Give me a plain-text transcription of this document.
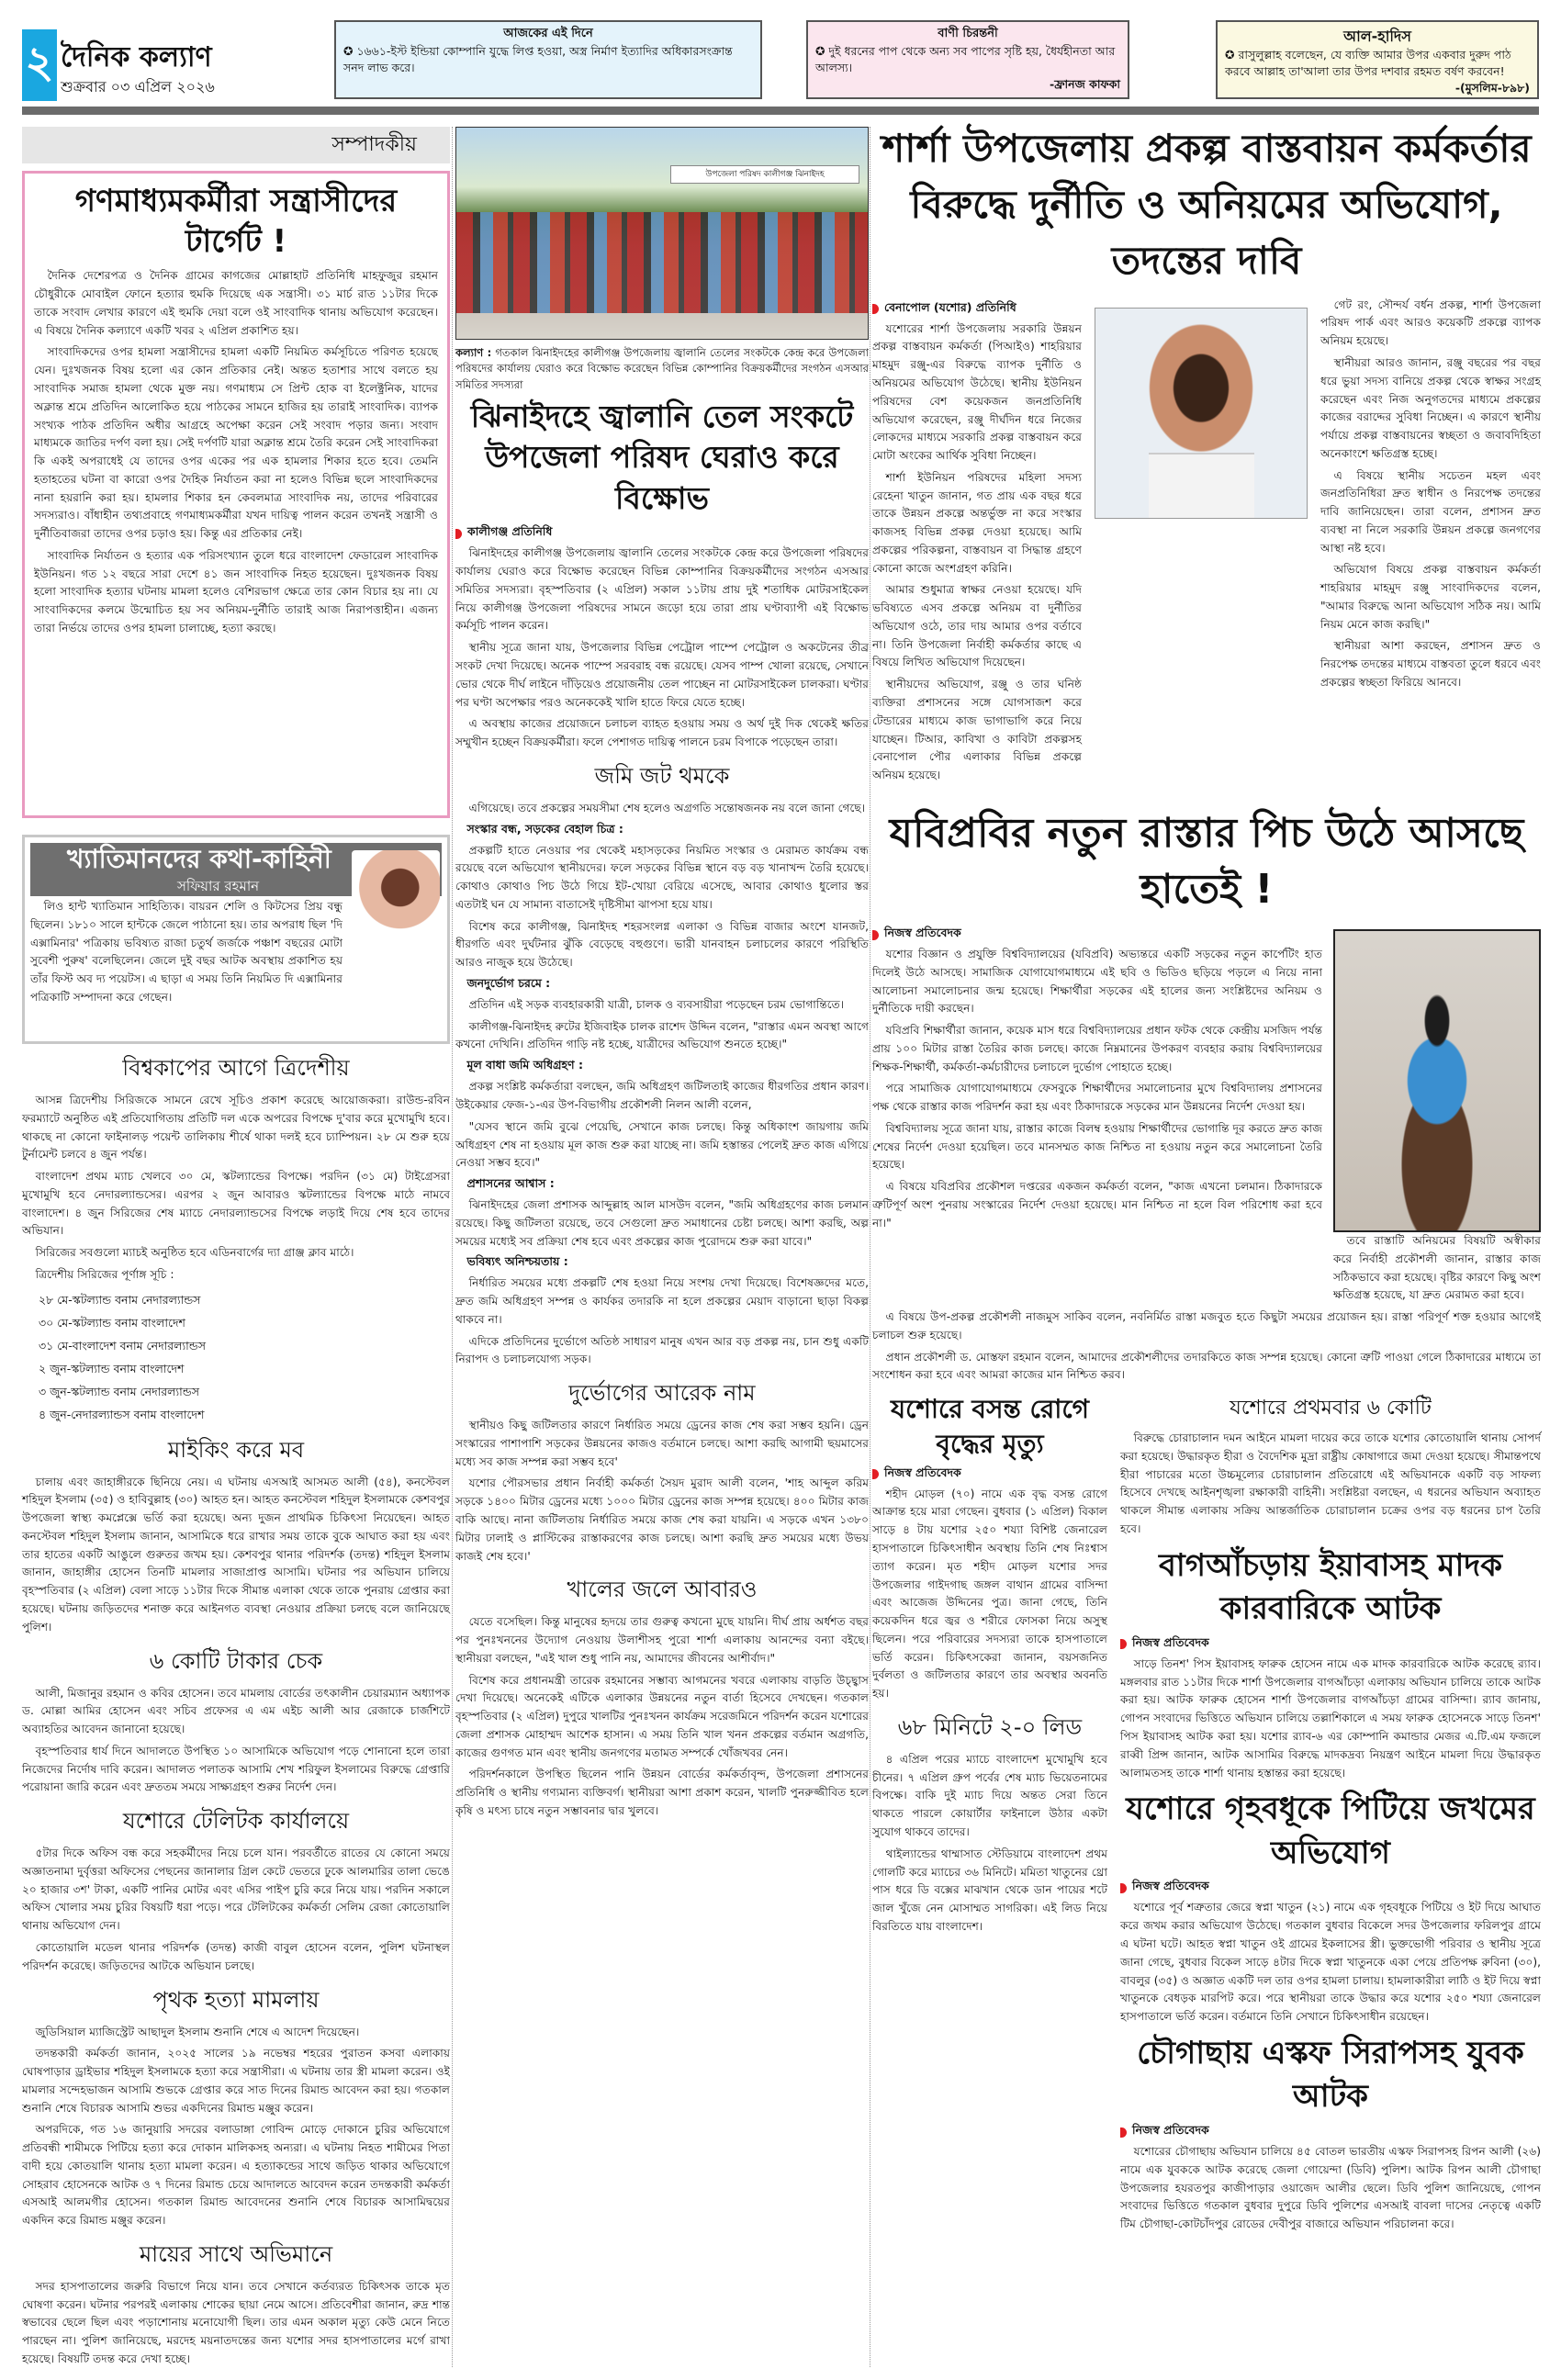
২ দৈনিক কল্যাণ
শুক্রবার ০৩ এপ্রিল ২০২৬
আজকের এই দিনে
✪ ১৬৬১-ইস্ট ইন্ডিয়া কোম্পানি যুদ্ধে লিপ্ত হওয়া, অস্ত্র নির্মাণ ইত্যাদির অধিকারসংক্রান্ত সনদ লাভ করে।
বাণী চিরন্তনী
✪ দুই ধরনের পাপ থেকে অন্য সব পাপের সৃষ্টি হয়, ধৈর্যহীনতা আর আলস্য।
-ফ্রানজ কাফকা
আল-হাদিস
✪ রাসুলুল্লাহ বলেছেন, যে ব্যক্তি আমার উপর একবার দুরুদ পাঠ করবে আল্লাহ তা'আলা তার উপর দশবার রহমত বর্ষণ করবেন!
-(মুসলিম-৮৯৮)
সম্পাদকীয়
গণমাধ্যমকর্মীরা সন্ত্রাসীদের টার্গেট !

দৈনিক দেশেরপত্র ও দৈনিক গ্রামের কাগজের মোল্লাহাট প্রতিনিধি মাহফুজুর রহমান চৌধুরীকে মোবাইল ফোনে হত্যার হুমকি দিয়েছে এক সন্ত্রাসী। ৩১ মার্চ রাত ১১টার দিকে তাকে সংবাদ লেখার কারণে এই হুমকি দেয়া বলে ওই সাংবাদিক থানায় অভিযোগ করেছেন। এ বিষয়ে দৈনিক কল্যাণে একটি খবর ২ এপ্রিল প্রকাশিত হয়।

সাংবাদিকদের ওপর হামলা সন্ত্রাসীদের হামলা একটি নিয়মিত কর্মসূচিতে পরিণত হয়েছে যেন। দুঃখজনক বিষয় হলো এর কোন প্রতিকার নেই। অন্তত হতাশার সাথে বলতে হয় সাংবাদিক সমাজ হামলা থেকে মুক্ত নয়। গণমাধ্যম সে প্রিন্ট হোক বা ইলেক্ট্রনিক, যাদের অক্লান্ত শ্রমে প্রতিদিন আলোকিত হয়ে পাঠকের সামনে হাজির হয় তারাই সাংবাদিক। ব্যাপক সংখ্যক পাঠক প্রতিদিন অধীর আগ্রহে অপেক্ষা করেন সেই সংবাদ পড়ার জন্য। সংবাদ মাধ্যমকে জাতির দর্পণ বলা হয়। সেই দর্পণটি যারা অক্লান্ত শ্রমে তৈরি করেন সেই সাংবাদিকরা কি একই অপরাধেই যে তাদের ওপর একের পর এক হামলার শিকার হতে হবে। তেমনি হতাহতের ঘটনা বা কারো ওপর দৈহিক নির্যাতন করা না হলেও বিভিন্ন ছলে সাংবাদিকদের নানা হয়রানি করা হয়। হামলার শিকার হন কেবলমাত্র সাংবাদিক নয়, তাদের পরিবারের সদস্যরাও। বাঁধাহীন তথ্যপ্রবাহে গণমাধ্যমকর্মীরা যখন দায়িত্ব পালন করেন তখনই সন্ত্রাসী ও দুর্নীতিবাজরা তাদের ওপর চড়াও হয়। কিন্তু এর প্রতিকার নেই।

সাংবাদিক নির্যাতন ও হত্যার এক পরিসংখ্যান তুলে ধরে বাংলাদেশ ফেডারেল সাংবাদিক ইউনিয়ন। গত ১২ বছরে সারা দেশে ৪১ জন সাংবাদিক নিহত হয়েছেন। দুঃখজনক বিষয় হলো সাংবাদিক হত্যার ঘটনায় মামলা হলেও বেশিরভাগ ক্ষেত্রে তার কোন বিচার হয় না। যে সাংবাদিকদের কলমে উন্মোচিত হয় সব অনিয়ম-দুর্নীতি তারাই আজ নিরাপত্তাহীন। এজন্য তারা নির্ভয়ে তাদের ওপর হামলা চালাচ্ছে, হত্যা করছে।

খ্যাতিমানদের কথা-কাহিনী
সফিয়ার রহমান

লিও হান্ট খ্যাতিমান সাহিত্যিক। বায়রন শেলি ও কিটসের প্রিয় বন্ধু ছিলেন। ১৮১০ সালে হান্টকে জেলে পাঠানো হয়। তার অপরাধ ছিল 'দি এক্সামিনার' পত্রিকায় ভবিষ্যত রাজা চতুর্থ জর্জকে পঞ্চাশ বছরের মোটা সুবেশী পুরুষ' বলেছিলেন। জেলে দুই বছর আটক অবস্থায় প্রকাশিত হয় তাঁর ফিস্ট অব দ্য পয়েটস। এ ছাড়া এ সময় তিনি নিয়মিত দি এক্সামিনার পত্রিকাটি সম্পাদনা করে গেছেন।

বিশ্বকাপের আগে ত্রিদেশীয়

আসন্ন ত্রিদেশীয় সিরিজকে সামনে রেখে সূচিও প্রকাশ করেছে আয়োজকরা। রাউন্ড-রবিন ফরম্যাটে অনুষ্ঠিত এই প্রতিযোগিতায় প্রতিটি দল একে অপরের বিপক্ষে দু'বার করে মুখোমুখি হবে। থাকছে না কোনো ফাইনালড় পয়েন্ট তালিকায় শীর্ষে থাকা দলই হবে চ্যাম্পিয়ন। ২৮ মে শুরু হয়ে টুর্নামেন্ট চলবে ৪ জুন পর্যন্ত।

বাংলাদেশ প্রথম ম্যাচ খেলবে ৩০ মে, স্কটল্যান্ডের বিপক্ষে। পরদিন (৩১ মে) টাইগ্রেসরা মুখোমুখি হবে নেদারল্যান্ডসের। এরপর ২ জুন আবারও স্কটল্যান্ডের বিপক্ষে মাঠে নামবে বাংলাদেশ। ৪ জুন সিরিজের শেষ ম্যাচে নেদারল্যান্ডসের বিপক্ষে লড়াই দিয়ে শেষ হবে তাদের অভিযান।

সিরিজের সবগুলো ম্যাচই অনুষ্ঠিত হবে এডিনবার্গের দ্যা গ্রাঞ্জ ক্লাব মাঠে।

ত্রিদেশীয় সিরিজের পূর্ণাঙ্গ সূচি :

২৮ মে-স্কটল্যান্ড বনাম নেদারল্যান্ডস
৩০ মে-স্কটল্যান্ড বনাম বাংলাদেশ
৩১ মে-বাংলাদেশ বনাম নেদারল্যান্ডস
২ জুন-স্কটল্যান্ড বনাম বাংলাদেশ
৩ জুন-স্কটল্যান্ড বনাম নেদারল্যান্ডস
৪ জুন-নেদারল্যান্ডস বনাম বাংলাদেশ
মাইকিং করে মব

চালায় এবং জাহাঙ্গীরকে ছিনিয়ে নেয়। এ ঘটনায় এসআই আসমত আলী (৫৪), কনস্টেবল শহিদুল ইসলাম (৩৫) ও হাবিবুল্লাহ (৩০) আহত হন। আহত কনস্টেবল শহিদুল ইসলামকে কেশবপুর উপজেলা স্বাস্থ্য কমপ্লেক্সে ভর্তি করা হয়েছে। অন্য দুজন প্রাথমিক চিকিৎসা নিয়েছেন। আহত কনস্টেবল শহিদুল ইসলাম জানান, আসামিকে ধরে রাখার সময় তাকে বুকে আঘাত করা হয় এবং তার হাতের একটি আঙুলে গুরুতর জখম হয়। কেশবপুর থানার পরিদর্শক (তদন্ত) শহিদুল ইসলাম জানান, জাহাঙ্গীর হোসেন তিনটি মামলার সাজাপ্রাপ্ত আসামি। ঘটনার পর অভিযান চালিয়ে বৃহস্পতিবার (২ এপ্রিল) বেলা সাড়ে ১১টার দিকে সীমান্ত এলাকা থেকে তাকে পুনরায় গ্রেপ্তার করা হয়েছে। ঘটনায় জড়িতদের শনাক্ত করে আইনগত ব্যবস্থা নেওয়ার প্রক্রিয়া চলছে বলে জানিয়েছে পুলিশ।

৬ কোটি টাকার চেক

আলী, মিজানুর রহমান ও কবির হোসেন। তবে মামলায় বোর্ডের তৎকালীন চেয়ারম্যান অধ্যাপক ড. মোল্লা আমির হোসেন এবং সচিব প্রফেসর এ এম এইচ আলী আর রেজাকে চার্জশিটে অব্যাহতির আবেদন জানানো হয়েছে।

বৃহস্পতিবার ধার্য দিনে আদালতে উপস্থিত ১০ আসামিকে অভিযোগ পড়ে শোনানো হলে তারা নিজেদের নির্দোষ দাবি করেন। আদালত পলাতক আসামি শেখ শরিফুল ইসলামের বিরুদ্ধে গ্রেপ্তারি পরোয়ানা জারি করেন এবং দ্রুততম সময়ে সাক্ষ্যগ্রহণ শুরুর নির্দেশ দেন।

যশোরে টেলিটক কার্যালয়ে

৫টার দিকে অফিস বন্ধ করে সহকর্মীদের নিয়ে চলে যান। পরবর্তীতে রাতের যে কোনো সময়ে অজ্ঞাতনামা দুর্বৃত্তরা অফিসের পেছনের জানালার গ্রিল কেটে ভেতরে ঢুকে আলমারির তালা ভেঙে ২০ হাজার ৩শ' টাকা, একটি পানির মোটর এবং এসির পাইপ চুরি করে নিয়ে যায়। পরদিন সকালে অফিস খোলার সময় চুরির বিষয়টি ধরা পড়ে। পরে টেলিটকের কর্মকর্তা সেলিম রেজা কোতোয়ালি থানায় অভিযোগ দেন।

কোতোয়ালি মডেল থানার পরিদর্শক (তদন্ত) কাজী বাবুল হোসেন বলেন, পুলিশ ঘটনাস্থল পরিদর্শন করেছে। জড়িতদের আটকে অভিযান চলছে।

পৃথক হত্যা মামলায়

জুডিসিয়াল ম্যাজিস্ট্রেট আছাদুল ইসলাম শুনানি শেষে এ আদেশ দিয়েছেন।

তদন্তকারী কর্মকর্তা জানান, ২০২৫ সালের ১৯ নভেম্বর শহরের পুরাতন কসবা এলাকায় ঘোষপাড়ার ড্রাইভার শহিদুল ইসলামকে হত্যা করে সন্ত্রাসীরা। এ ঘটনায় তার স্ত্রী মামলা করেন। ওই মামলার সন্দেহভাজন আসামি শুভকে গ্রেপ্তার করে সাত দিনের রিমান্ড আবেদন করা হয়। গতকাল শুনানি শেষে বিচারক আসামি শুভর একদিনের রিমান্ড মঞ্জুর করেন।

অপরদিকে, গত ১৬ জানুয়ারি সদরের বলাডাঙ্গা গোবিন্দ মোড়ে দোকানে চুরির অভিযোগে প্রতিবন্ধী শামীমকে পিটিয়ে হত্যা করে দোকান মালিকসহ অন্যরা। এ ঘটনায় নিহত শামীমের পিতা বাদী হয়ে কোতয়ালি থানায় হত্যা মামলা করেন। এ হত্যাকন্ডের সাথে জড়িত থাকার অভিযোগে সোহরাব হোসেনকে আটক ও ৭ দিনের রিমান্ড চেয়ে আদালতে আবেদন করেন তদন্তকারী কর্মকর্তা এসআই আলমগীর হোসেন। গতকাল রিমান্ড আবেদনের শুনানি শেষে বিচারক আসামিদ্বয়ের একদিন করে রিমান্ড মঞ্জুর করেন।

মায়ের সাথে অভিমানে

সদর হাসপাতালের জরুরি বিভাগে নিয়ে যান। তবে সেখানে কর্তব্যরত চিকিৎসক তাকে মৃত ঘোষণা করেন। ঘটনার পরপরই এলাকায় শোকের ছায়া নেমে আসে। প্রতিবেশীরা জানান, রুদ্র শান্ত স্বভাবের ছেলে ছিল এবং পড়াশোনায় মনোযোগী ছিল। তার এমন অকাল মৃত্যু কেউ মেনে নিতে পারছেন না। পুলিশ জানিয়েছে, মরদেহ ময়নাতদন্তের জন্য যশোর সদর হাসপাতালের মর্গে রাখা হয়েছে। বিষয়টি তদন্ত করে দেখা হচ্ছে।

উপজেলা পরিষদ কালীগঞ্জ ঝিনাইদহ
কল্যাণ : গতকাল ঝিনাইদহের কালীগঞ্জ উপজেলায় জ্বালানি তেলের সংকটকে কেন্দ্র করে উপজেলা পরিষদের কার্যালয় ঘেরাও করে বিক্ষোভ করেছেন বিভিন্ন কোম্পানির বিক্রয়কর্মীদের সংগঠন এসআর সমিতির সদস্যরা
ঝিনাইদহে জ্বালানি তেল সংকটে উপজেলা পরিষদ ঘেরাও করে বিক্ষোভ
কালীগঞ্জ প্রতিনিধি

ঝিনাইদহের কালীগঞ্জ উপজেলায় জ্বালানি তেলের সংকটকে কেন্দ্র করে উপজেলা পরিষদের কার্যালয় ঘেরাও করে বিক্ষোভ করেছেন বিভিন্ন কোম্পানির বিক্রয়কর্মীদের সংগঠন এসআর সমিতির সদস্যরা। বৃহস্পতিবার (২ এপ্রিল) সকাল ১১টায় প্রায় দুই শতাধিক মোটরসাইকেল নিয়ে কালীগঞ্জ উপজেলা পরিষদের সামনে জড়ো হয়ে তারা প্রায় ঘণ্টাব্যাপী এই বিক্ষোভ কর্মসূচি পালন করেন।

স্থানীয় সূত্রে জানা যায়, উপজেলার বিভিন্ন পেট্রোল পাম্পে পেট্রোল ও অকটেনের তীব্র সংকট দেখা দিয়েছে। অনেক পাম্পে সরবরাহ বন্ধ রয়েছে। যেসব পাম্প খোলা রয়েছে, সেখানে ভোর থেকে দীর্ঘ লাইনে দাঁড়িয়েও প্রয়োজনীয় তেল পাচ্ছেন না মোটরসাইকেল চালকরা। ঘণ্টার পর ঘণ্টা অপেক্ষার পরও অনেককেই খালি হাতে ফিরে যেতে হচ্ছে।

এ অবস্থায় কাজের প্রয়োজনে চলাচল ব্যাহত হওয়ায় সময় ও অর্থ দুই দিক থেকেই ক্ষতির সম্মুখীন হচ্ছেন বিক্রয়কর্মীরা। ফলে পেশাগত দায়িত্ব পালনে চরম বিপাকে পড়েছেন তারা।

জমি জট থমকে

এগিয়েছে। তবে প্রকল্পের সময়সীমা শেষ হলেও অগ্রগতি সন্তোষজনক নয় বলে জানা গেছে।

সংস্কার বন্ধ, সড়কের বেহাল চিত্র :

প্রকল্পটি হাতে নেওয়ার পর থেকেই মহাসড়কের নিয়মিত সংস্কার ও মেরামত কার্যক্রম বন্ধ রয়েছে বলে অভিযোগ স্থানীয়দের। ফলে সড়কের বিভিন্ন স্থানে বড় বড় খানাখন্দ তৈরি হয়েছে। কোথাও কোথাও পিচ উঠে গিয়ে ইট-খোয়া বেরিয়ে এসেছে, আবার কোথাও ধুলোর স্তর এতটাই ঘন যে সামান্য বাতাসেই দৃষ্টিসীমা ঝাপসা হয়ে যায়।

বিশেষ করে কালীগঞ্জ, ঝিনাইদহ শহরসংলগ্ন এলাকা ও বিভিন্ন বাজার অংশে যানজট, ধীরগতি এবং দুর্ঘটনার ঝুঁকি বেড়েছে বহুগুণে। ভারী যানবাহন চলাচলের কারণে পরিস্থিতি আরও নাজুক হয়ে উঠেছে।

জনদুর্ভোগ চরমে :

প্রতিদিন এই সড়ক ব্যবহারকারী যাত্রী, চালক ও ব্যবসায়ীরা পড়েছেন চরম ভোগান্তিতে।

কালীগঞ্জ-ঝিনাইদহ রুটের ইজিবাইক চালক রাশেদ উদ্দিন বলেন, "রাস্তার এমন অবস্থা আগে কখনো দেখিনি। প্রতিদিন গাড়ি নষ্ট হচ্ছে, যাত্রীদের অভিযোগ শুনতে হচ্ছে।"

মূল বাধা জমি অধিগ্রহণ :

প্রকল্প সংশ্লিষ্ট কর্মকর্তারা বলছেন, জমি অধিগ্রহণ জটিলতাই কাজের ধীরগতির প্রধান কারণ। উইকেয়ার ফেজ-১-এর উপ-বিভাগীয় প্রকৌশলী নিলন আলী বলেন,

"যেসব স্থানে জমি বুঝে পেয়েছি, সেখানে কাজ চলছে। কিন্তু অধিকাংশ জায়গায় জমি অধিগ্রহণ শেষ না হওয়ায় মূল কাজ শুরু করা যাচ্ছে না। জমি হস্তান্তর পেলেই দ্রুত কাজ এগিয়ে নেওয়া সম্ভব হবে।"

প্রশাসনের আশ্বাস :

ঝিনাইদহের জেলা প্রশাসক আব্দুল্লাহ আল মাসউদ বলেন, "জমি অধিগ্রহণের কাজ চলমান রয়েছে। কিছু জটিলতা রয়েছে, তবে সেগুলো দ্রুত সমাধানের চেষ্টা চলছে। আশা করছি, অল্প সময়ের মধ্যেই সব প্রক্রিয়া শেষ হবে এবং প্রকল্পের কাজ পুরোদমে শুরু করা যাবে।"

ভবিষ্যৎ অনিশ্চয়তায় :

নির্ধারিত সময়ের মধ্যে প্রকল্পটি শেষ হওয়া নিয়ে সংশয় দেখা দিয়েছে। বিশেষজ্ঞদের মতে, দ্রুত জমি অধিগ্রহণ সম্পন্ন ও কার্যকর তদারকি না হলে প্রকল্পের মেয়াদ বাড়ানো ছাড়া বিকল্প থাকবে না।

এদিকে প্রতিদিনের দুর্ভোগে অতিষ্ঠ সাধারণ মানুষ এখন আর বড় প্রকল্প নয়, চান শুধু একটি নিরাপদ ও চলাচলযোগ্য সড়ক।

দুর্ভোগের আরেক নাম

স্থানীয়ও কিছু জটিলতার কারণে নির্ধারিত সময়ে ড্রেনের কাজ শেষ করা সম্ভব হয়নি। ড্রেন সংস্কারের পাশাপাশি সড়কের উন্নয়নের কাজও বর্তমানে চলছে। আশা করছি আগামী ছয়মাসের মধ্যে সব কাজ সম্পন্ন করা সম্ভব হবে'

যশোর পৌরসভার প্রধান নির্বাহী কর্মকর্তা সৈয়দ মুরাদ আলী বলেন, 'শাহ আব্দুল করিম সড়কে ১৪০০ মিটার ড্রেনের মধ্যে ১০০০ মিটার ড্রেনের কাজ সম্পন্ন হয়েছে। ৪০০ মিটার কাজ বাকি আছে। নানা জটিলতায় নির্ধারিত সময়ে কাজ শেষ করা যায়নি। এ সড়কে এখন ১৩৮০ মিটার ঢালাই ও প্লাস্টিকের রাস্তাকরণের কাজ চলছে। আশা করছি দ্রুত সময়ের মধ্যে উভয় কাজই শেষ হবে।'

খালের জলে আবারও

যেতে বসেছিল। কিন্তু মানুষের হৃদয়ে তার গুরুত্ব কখনো মুছে যায়নি। দীর্ঘ প্রায় অর্ধশত বছর পর পুনঃখননের উদ্যোগ নেওয়ায় উলাশীসহ পুরো শার্শা এলাকায় আনন্দের বন্যা বইছে। স্থানীয়রা বলছেন, "এই খাল শুধু পানি নয়, আমাদের জীবনের আশীর্বাদ।"

বিশেষ করে প্রধানমন্ত্রী তারেক রহমানের সম্ভাব্য আগমনের খবরে এলাকায় বাড়তি উচ্ছ্বাস দেখা দিয়েছে। অনেকেই এটিকে এলাকার উন্নয়নের নতুন বার্তা হিসেবে দেখছেন। গতকাল বৃহস্পতিবার (২ এপ্রিল) দুপুরে খালটির পুনঃখনন কার্যক্রম সরেজমিনে পরিদর্শন করেন যশোরের জেলা প্রশাসক মোহাম্মদ আশেক হাসান। এ সময় তিনি খাল খনন প্রকল্পের বর্তমান অগ্রগতি, কাজের গুণগত মান এবং স্থানীয় জনগণের মতামত সম্পর্কে খোঁজখবর নেন।

পরিদর্শনকালে উপস্থিত ছিলেন পানি উন্নয়ন বোর্ডের কর্মকর্তাবৃন্দ, উপজেলা প্রশাসনের প্রতিনিধি ও স্থানীয় গণ্যমান্য ব্যক্তিবর্গ। স্থানীয়রা আশা প্রকাশ করেন, খালটি পুনরুজ্জীবিত হলে কৃষি ও মৎস্য চাষে নতুন সম্ভাবনার দ্বার খুলবে।

শার্শা উপজেলায় প্রকল্প বাস্তবায়ন কর্মকর্তার বিরুদ্ধে দুর্নীতি ও অনিয়মের অভিযোগ, তদন্তের দাবি
বেনাপোল (যশোর) প্রতিনিধি

যশোরের শার্শা উপজেলায় সরকারি উন্নয়ন প্রকল্প বাস্তবায়ন কর্মকর্তা (পিআইও) শাহরিয়ার মাহমুদ রঞ্জু-এর বিরুদ্ধে ব্যাপক দুর্নীতি ও অনিয়মের অভিযোগ উঠেছে। স্থানীয় ইউনিয়ন পরিষদের বেশ কয়েকজন জনপ্রতিনিধি অভিযোগ করেছেন, রঞ্জু দীর্ঘদিন ধরে নিজের লোকদের মাধ্যমে সরকারি প্রকল্প বাস্তবায়ন করে মোটা অংকের আর্থিক সুবিধা নিচ্ছেন।

শার্শা ইউনিয়ন পরিষদের মহিলা সদস্য রেহেনা খাতুন জানান, গত প্রায় এক বছর ধরে তাকে উন্নয়ন প্রকল্পে অন্তর্ভুক্ত না করে সংস্কার কাজসহ বিভিন্ন প্রকল্প দেওয়া হয়েছে। আমি প্রকল্পের পরিকল্পনা, বাস্তবায়ন বা সিদ্ধান্ত গ্রহণে কোনো কাজে অংশগ্রহণ করিনি।

আমার শুধুমাত্র স্বাক্ষর নেওয়া হয়েছে। যদি ভবিষ্যতে এসব প্রকল্পে অনিয়ম বা দুর্নীতির অভিযোগ ওঠে, তার দায় আমার ওপর বর্তাবে না। তিনি উপজেলা নির্বাহী কর্মকর্তার কাছে এ বিষয়ে লিখিত অভিযোগ দিয়েছেন।

স্থানীয়দের অভিযোগ, রঞ্জু ও তার ঘনিষ্ঠ ব্যক্তিরা প্রশাসনের সঙ্গে যোগসাজশ করে টেন্ডারের মাধ্যমে কাজ ভাগাভাগি করে নিয়ে যাচ্ছেন। টিআর, কাবিখা ও কাবিটা প্রকল্পসহ বেনাপোল পৌর এলাকার বিভিন্ন প্রকল্পে অনিয়ম হয়েছে।

গেট রং, সৌন্দর্য বর্ধন প্রকল্প, শার্শা উপজেলা পরিষদ পার্ক এবং আরও কয়েকটি প্রকল্পে ব্যাপক অনিয়ম হয়েছে।

স্থানীয়রা আরও জানান, রঞ্জু বছরের পর বছর ধরে ভুয়া সদস্য বানিয়ে প্রকল্প থেকে স্বাক্ষর সংগ্রহ করেছেন এবং নিজ অনুগতদের মাধ্যমে প্রকল্পের কাজের বরাদ্দের সুবিধা নিচ্ছেন। এ কারণে স্থানীয় পর্যায়ে প্রকল্প বাস্তবায়নের স্বচ্ছতা ও জবাবদিহিতা অনেকাংশে ক্ষতিগ্রস্ত হচ্ছে।

এ বিষয়ে স্থানীয় সচেতন মহল এবং জনপ্রতিনিধিরা দ্রুত স্বাধীন ও নিরপেক্ষ তদন্তের দাবি জানিয়েছেন। তারা বলেন, প্রশাসন দ্রুত ব্যবস্থা না নিলে সরকারি উন্নয়ন প্রকল্পে জনগণের আস্থা নষ্ট হবে।

অভিযোগ বিষয়ে প্রকল্প বাস্তবায়ন কর্মকর্তা শাহরিয়ার মাহমুদ রঞ্জু সাংবাদিকদের বলেন, "আমার বিরুদ্ধে আনা অভিযোগ সঠিক নয়। আমি নিয়ম মেনে কাজ করছি।"

স্থানীয়রা আশা করছেন, প্রশাসন দ্রুত ও নিরপেক্ষ তদন্তের মাধ্যমে বাস্তবতা তুলে ধরবে এবং প্রকল্পের স্বচ্ছতা ফিরিয়ে আনবে।

যবিপ্রবির নতুন রাস্তার পিচ উঠে আসছে হাতেই !
নিজস্ব প্রতিবেদক

যশোর বিজ্ঞান ও প্রযুক্তি বিশ্ববিদ্যালয়ের (যবিপ্রবি) অভ্যন্তরে একটি সড়কের নতুন কার্পেটিং হাত দিলেই উঠে আসছে। সামাজিক যোগাযোগমাধ্যমে এই ছবি ও ভিডিও ছড়িয়ে পড়লে এ নিয়ে নানা আলোচনা সমালোচনার জন্ম হয়েছে। শিক্ষার্থীরা সড়কের এই হালের জন্য সংশ্লিষ্টদের অনিয়ম ও দুর্নীতিকে দায়ী করছেন।

যবিপ্রবি শিক্ষার্থীরা জানান, কয়েক মাস ধরে বিশ্ববিদ্যালয়ের প্রধান ফটক থেকে কেন্দ্রীয় মসজিদ পর্যন্ত প্রায় ১০০ মিটার রাস্তা তৈরির কাজ চলছে। কাজে নিম্নমানের উপকরণ ব্যবহার করায় বিশ্ববিদ্যালয়ের শিক্ষক-শিক্ষার্থী, কর্মকর্তা-কর্মচারীদের চলাচলে দুর্ভোগ পোহাতে হচ্ছে।

পরে সামাজিক যোগাযোগমাধ্যমে ফেসবুকে শিক্ষার্থীদের সমালোচনার মুখে বিশ্ববিদ্যালয় প্রশাসনের পক্ষ থেকে রাস্তার কাজ পরিদর্শন করা হয় এবং ঠিকাদারকে সড়কের মান উন্নয়নের নির্দেশ দেওয়া হয়।

বিশ্ববিদ্যালয় সূত্রে জানা যায়, রাস্তার কাজে বিলম্ব হওয়ায় শিক্ষার্থীদের ভোগান্তি দূর করতে দ্রুত কাজ শেষের নির্দেশ দেওয়া হয়েছিল। তবে মানসম্মত কাজ নিশ্চিত না হওয়ায় নতুন করে সমালোচনা তৈরি হয়েছে।

এ বিষয়ে যবিপ্রবির প্রকৌশল দপ্তরের একজন কর্মকর্তা বলেন, "কাজ এখনো চলমান। ঠিকাদারকে ত্রুটিপূর্ণ অংশ পুনরায় সংস্কারের নির্দেশ দেওয়া হয়েছে। মান নিশ্চিত না হলে বিল পরিশোধ করা হবে না।"

তবে রাস্তাটি অনিয়মের বিষয়টি অস্বীকার করে নির্বাহী প্রকৌশলী জানান, রাস্তার কাজ সঠিকভাবে করা হয়েছে। বৃষ্টির কারণে কিছু অংশ ক্ষতিগ্রস্ত হয়েছে, যা দ্রুত মেরামত করা হবে।

এ বিষয়ে উপ-প্রকল্প প্রকৌশলী নাজমুস সাকিব বলেন, নবনির্মিত রাস্তা মজবুত হতে কিছুটা সময়ের প্রয়োজন হয়। রাস্তা পরিপূর্ণ শক্ত হওয়ার আগেই চলাচল শুরু হয়েছে।

প্রধান প্রকৌশলী ড. মোস্তফা রহমান বলেন, আমাদের প্রকৌশলীদের তদারকিতে কাজ সম্পন্ন হয়েছে। কোনো ত্রুটি পাওয়া গেলে ঠিকাদারের মাধ্যমে তা সংশোধন করা হবে এবং আমরা কাজের মান নিশ্চিত করব।

যশোরে বসন্ত রোগে বৃদ্ধের মৃত্যু
নিজস্ব প্রতিবেদক

শহীদ মোড়ল (৭০) নামে এক বৃদ্ধ বসন্ত রোগে আক্রান্ত হয়ে মারা গেছেন। বুধবার (১ এপ্রিল) বিকাল সাড়ে ৪ টায় যশোর ২৫০ শয্যা বিশিষ্ট জেনারেল হাসপাতালে চিকিৎসাধীন অবস্থায় তিনি শেষ নিঃশ্বাস ত্যাগ করেন। মৃত শহীদ মোড়ল যশোর সদর উপজেলার গাইদগাছ জঙ্গল বাথান গ্রামের বাসিন্দা এবং আজেজ উদ্দিনের পুত্র। জানা গেছে, তিনি কয়েকদিন ধরে জ্বর ও শরীরে ফোসকা নিয়ে অসুস্থ ছিলেন। পরে পরিবারের সদস্যরা তাকে হাসপাতালে ভর্তি করেন। চিকিৎসকেরা জানান, বয়সজনিত দুর্বলতা ও জটিলতার কারণে তার অবস্থার অবনতি হয়।

৬৮ মিনিটে ২-০ লিড

৪ এপ্রিল পরের ম্যাচে বাংলাদেশ মুখোমুখি হবে চীনের। ৭ এপ্রিল গ্রুপ পর্বের শেষ ম্যাচ ভিয়েতনামের বিপক্ষে। বাকি দুই ম্যাচ দিয়ে অন্তত সেরা তিনে থাকতে পারলে কোয়ার্টার ফাইনালে উঠার একটা সুযোগ থাকবে তাদের।

থাইল্যান্ডের থাম্মাসাত স্টেডিয়ামে বাংলাদেশ প্রথম গোলটি করে ম্যাচের ৩৬ মিনিটে। মমিতা খাতুনের থ্রো পাস ধরে ডি বক্সের মাঝখান থেকে ডান পায়ের শটে জাল খুঁজে নেন মোসাম্মত সাগরিকা। এই লিড নিয়ে বিরতিতে যায় বাংলাদেশ।

যশোরে প্রথমবার ৬ কোটি

বিরুদ্ধে চোরাচালান দমন আইনে মামলা দায়ের করে তাকে যশোর কোতোয়ালি থানায় সোপর্দ করা হয়েছে। উদ্ধারকৃত হীরা ও বৈদেশিক মুদ্রা রাষ্ট্রীয় কোষাগারে জমা দেওয়া হয়েছে। সীমান্তপথে হীরা পাচারের মতো উচ্চমূল্যের চোরাচালান প্রতিরোধে এই অভিযানকে একটি বড় সাফল্য হিসেবে দেখছে আইনশৃঙ্খলা রক্ষাকারী বাহিনী। সংশ্লিষ্টরা বলছেন, এ ধরনের অভিযান অব্যাহত থাকলে সীমান্ত এলাকায় সক্রিয় আন্তর্জাতিক চোরাচালান চক্রের ওপর বড় ধরনের চাপ তৈরি হবে।

বাগআঁচড়ায় ইয়াবাসহ মাদক কারবারিকে আটক
নিজস্ব প্রতিবেদক

সাড়ে তিনশ' পিস ইয়াবাসহ ফারুক হোসেন নামে এক মাদক কারবারিকে আটক করেছে র‌্যাব। মঙ্গলবার রাত ১১টার দিকে শার্শা উপজেলার বাগআঁচড়া এলাকায় অভিযান চালিয়ে তাকে আটক করা হয়। আটক ফারুক হোসেন শার্শা উপজেলার বাগআঁচড়া গ্রামের বাসিন্দা। র‌্যাব জানায়, গোপন সংবাদের ভিত্তিতে অভিযান চালিয়ে তল্লাশিকালে এ সময় ফারুক হোসেনকে সাড়ে তিনশ' পিস ইয়াবাসহ আটক করা হয়। যশোর র‌্যাব-৬ এর কোম্পানি কমান্ডার মেজর এ.টি.এম ফজলে রাব্বী প্রিন্স জানান, আটক আসামির বিরুদ্ধে মাদকদ্রব্য নিয়ন্ত্রণ আইনে মামলা দিয়ে উদ্ধারকৃত আলামতসহ তাকে শার্শা থানায় হস্তান্তর করা হয়েছে।

যশোরে গৃহবধূকে পিটিয়ে জখমের অভিযোগ
নিজস্ব প্রতিবেদক

যশোরে পূর্ব শত্রুতার জেরে স্বপ্না খাতুন (২১) নামে এক গৃহবধূকে পিটিয়ে ও ইট দিয়ে আঘাত করে জখম করার অভিযোগ উঠেছে। গতকাল বুধবার বিকেলে সদর উপজেলার ফরিলপুর গ্রামে এ ঘটনা ঘটে। আহত স্বপ্না খাতুন ওই গ্রামের ইকলাসের স্ত্রী। ভুক্তভোগী পরিবার ও স্থানীয় সূত্রে জানা গেছে, বুধবার বিকেল সাড়ে ৪টার দিকে স্বপ্না খাতুনকে একা পেয়ে প্রতিপক্ষ রুবিনা (৩০), বাবলুর (৩৫) ও অজ্ঞাত একটি দল তার ওপর হামলা চালায়। হামলাকারীরা লাঠি ও ইট দিয়ে স্বপ্না খাতুনকে বেধড়ক মারপিট করে। পরে স্থানীয়রা তাকে উদ্ধার করে যশোর ২৫০ শয্যা জেনারেল হাসপাতালে ভর্তি করেন। বর্তমানে তিনি সেখানে চিকিৎসাধীন রয়েছেন।

চৌগাছায় এস্কফ সিরাপসহ যুবক আটক
নিজস্ব প্রতিবেদক

যশোরের চৌগাছায় অভিযান চালিয়ে ৪৫ বোতল ভারতীয় এস্কফ সিরাপসহ রিপন আলী (২৬) নামে এক যুবককে আটক করেছে জেলা গোয়েন্দা (ডিবি) পুলিশ। আটক রিপন আলী চৌগাছা উপজেলার হযরতপুর কাজীপাড়ার ওয়াজেদ আলীর ছেলে। ডিবি পুলিশ জানিয়েছে, গোপন সংবাদের ভিত্তিতে গতকাল বুধবার দুপুরে ডিবি পুলিশের এসআই বাবলা দাসের নেতৃত্বে একটি টিম চৌগাছা-কোটচাঁদপুর রোডের দেবীপুর বাজারে অভিযান পরিচালনা করে।
